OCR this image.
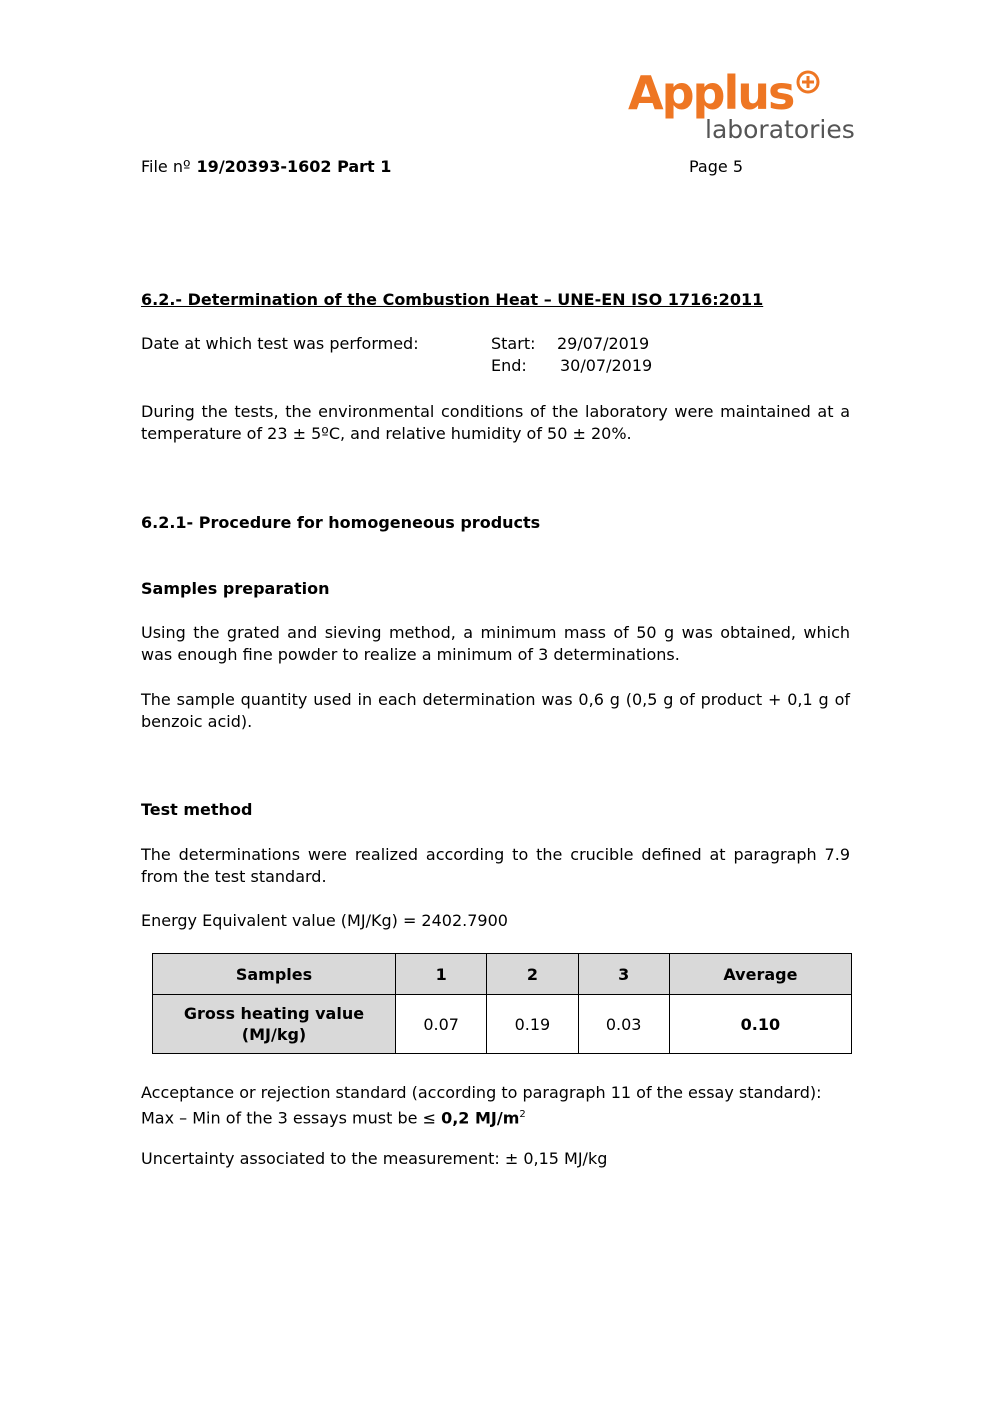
Applus
laboratories
File nº 19/20393-1602 Part 1	Page 5
6.2.- Determination of the Combustion Heat – UNE-EN ISO 1716:2011
Date at which test was performed:	Start: 29/07/2019
End: 30/07/2019
During the tests, the environmental conditions of the laboratory were maintained at a temperature of 23 ± 5ºC, and relative humidity of 50 ± 20%.
6.2.1- Procedure for homogeneous products
Samples preparation
Using the grated and sieving method, a minimum mass of 50 g was obtained, which was enough fine powder to realize a minimum of 3 determinations.
The sample quantity used in each determination was 0,6 g (0,5 g of product + 0,1 g of benzoic acid).
Test method
The determinations were realized according to the crucible defined at paragraph 7.9 from the test standard.
Energy Equivalent value (MJ/Kg) = 2402.7900
Samples	1	2	3	Average

Gross heating value
(MJ/kg)	0.07	0.19	0.03	0.10
Acceptance or rejection standard (according to paragraph 11 of the essay standard):
Max – Min of the 3 essays must be ≤ 0,2 $MJ/m^2$
Uncertainty associated to the measurement: ± 0,15 MJ/kg
